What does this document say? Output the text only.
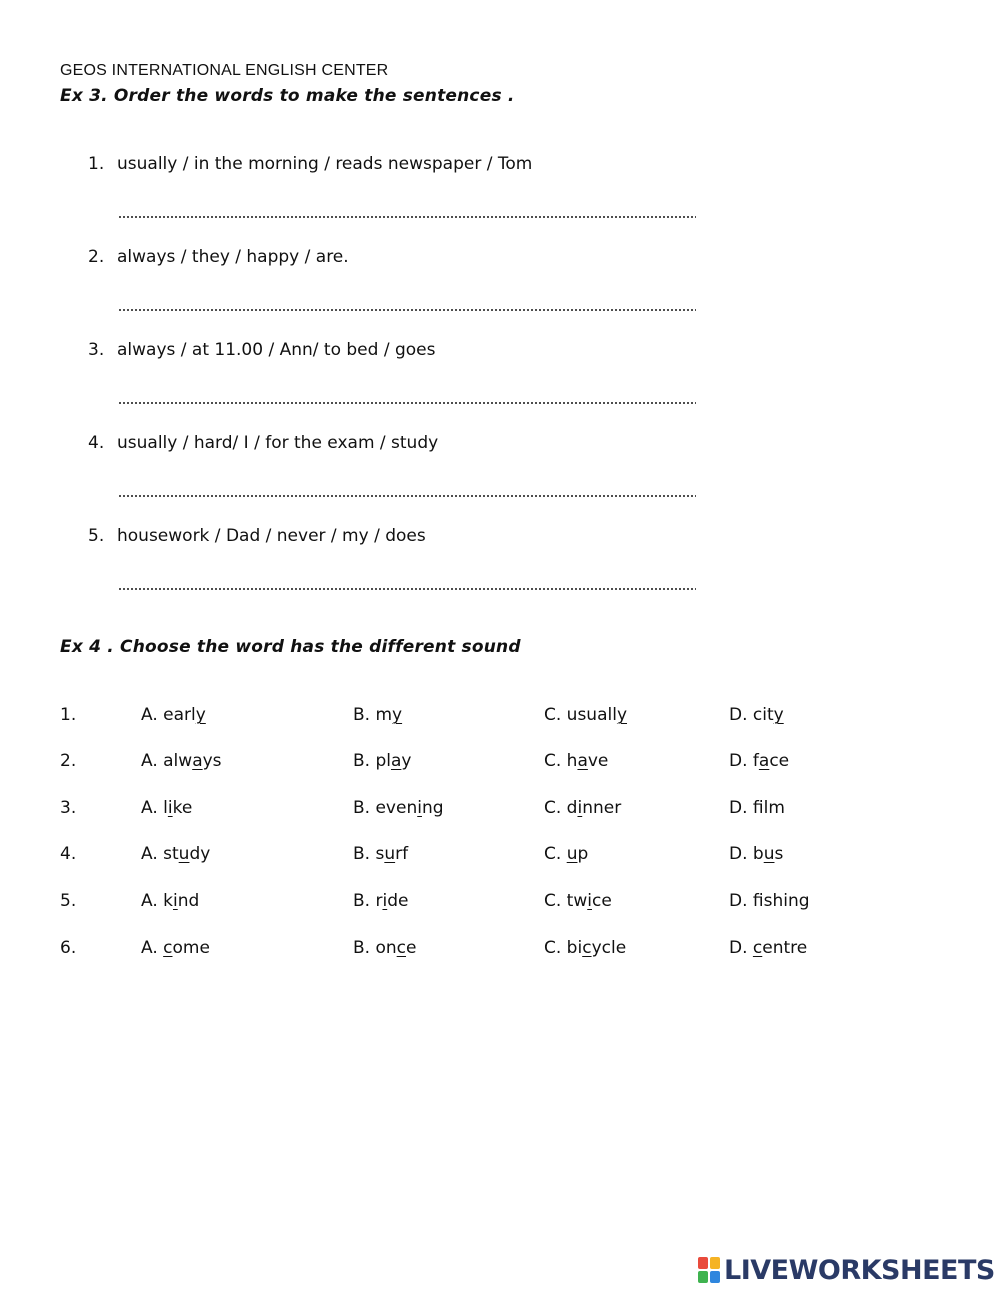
GEOS INTERNATIONAL ENGLISH CENTER
Ex 3. Order the words to make the sentences .
1. usually / in the morning / reads newspaper / Tom
2. always / they / happy / are.
3. always / at 11.00 / Ann/ to bed / goes
4. usually / hard/ I / for the exam / study
5. housework / Dad / never / my / does
Ex 4 . Choose the word has the different sound
1.	A. early	B. my	C. usually	D. city
2.	A. always	B. play	C. have	D. face
3.	A. like	B. evening	C. dinner	D. flm
4.	A. study	B. surf	C. up	D. bus
5.	A. kind	B. ride	C. twice	D. fshing
6.	A. come	B. once	C. bicycle	D. centre
LIVEWORKSHEETS
